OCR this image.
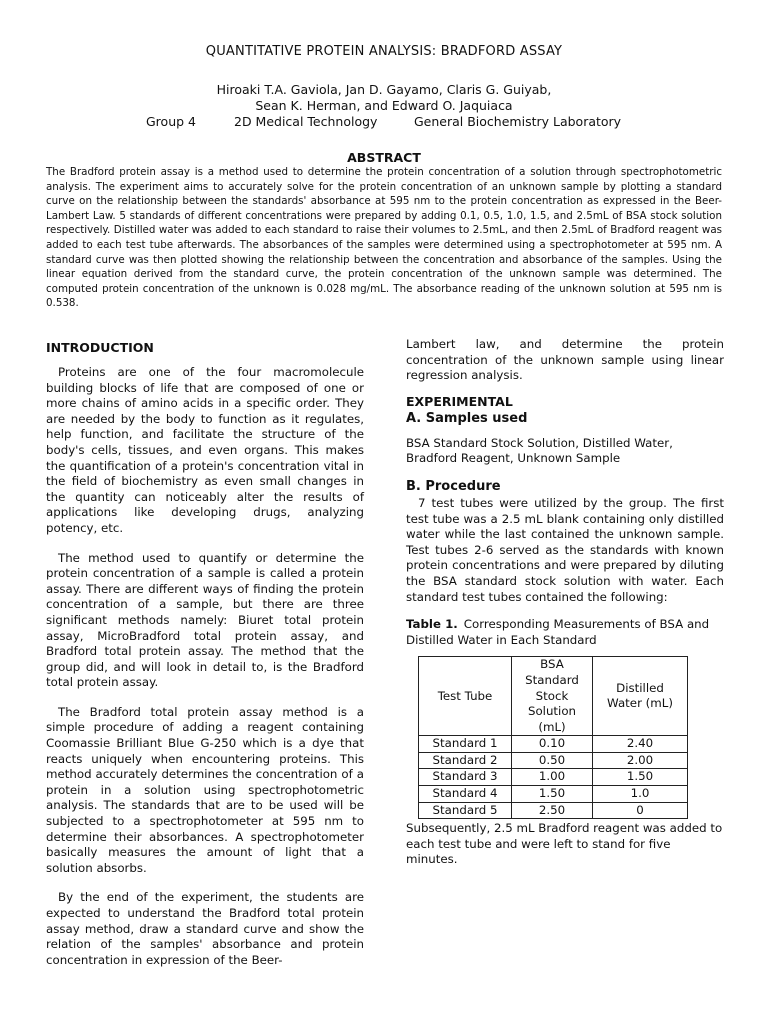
QUANTITATIVE PROTEIN ANALYSIS: BRADFORD ASSAY
Hiroaki T.A. Gaviola, Jan D. Gayamo, Claris G. Guiyab,
Sean K. Herman, and Edward O. Jaquiaca
Group 4	2D Medical Technology	General Biochemistry Laboratory
ABSTRACT

The Bradford protein assay is a method used to determine the protein concentration of a solution through spectrophotometric analysis. The experiment aims to accurately solve for the protein concentration of an unknown sample by plotting a standard curve on the relationship between the standards' absorbance at 595 nm to the protein concentration as expressed in the Beer-Lambert Law. 5 standards of different concentrations were prepared by adding 0.1, 0.5, 1.0, 1.5, and 2.5mL of BSA stock solution respectively. Distilled water was added to each standard to raise their volumes to 2.5mL, and then 2.5mL of Bradford reagent was added to each test tube afterwards. The absorbances of the samples were determined using a spectrophotometer at 595 nm. A standard curve was then plotted showing the relationship between the concentration and absorbance of the samples. Using the linear equation derived from the standard curve, the protein concentration of the unknown sample was determined. The computed protein concentration of the unknown is 0.028 mg/mL. The absorbance reading of the unknown solution at 595 nm is 0.538.

INTRODUCTION

Proteins are one of the four macromolecule building blocks of life that are composed of one or more chains of amino acids in a specific order. They are needed by the body to function as it regulates, help function, and facilitate the structure of the body's cells, tissues, and even organs. This makes the quantification of a protein's concentration vital in the field of biochemistry as even small changes in the quantity can noticeably alter the results of applications like developing drugs, analyzing potency, etc.

The method used to quantify or determine the protein concentration of a sample is called a protein assay. There are different ways of finding the protein concentration of a sample, but there are three significant methods namely: Biuret total protein assay, MicroBradford total protein assay, and Bradford total protein assay. The method that the group did, and will look in detail to, is the Bradford total protein assay.

The Bradford total protein assay method is a simple procedure of adding a reagent containing Coomassie Brilliant Blue G-250 which is a dye that reacts uniquely when encountering proteins. This method accurately determines the concentration of a protein in a solution using spectrophotometric analysis. The standards that are to be used will be subjected to a spectrophotometer at 595 nm to determine their absorbances. A spectrophotometer basically measures the amount of light that a solution absorbs.

By the end of the experiment, the students are expected to understand the Bradford total protein assay method, draw a standard curve and show the relation of the samples' absorbance and protein concentration in expression of the Beer-

Lambert law, and determine the protein concentration of the unknown sample using linear regression analysis.

EXPERIMENTAL
A. Samples used

BSA Standard Stock Solution, Distilled Water, Bradford Reagent, Unknown Sample

B. Procedure

7 test tubes were utilized by the group. The first test tube was a 2.5 mL blank containing only distilled water while the last contained the unknown sample. Test tubes 2-6 served as the standards with known protein concentrations and were prepared by diluting the BSA standard stock solution with water. Each standard test tubes contained the following:

Table 1. Corresponding Measurements of BSA and Distilled Water in Each Standard
Test Tube	BSA Standard Stock Solution (mL)	Distilled Water (mL)
Standard 1	0.10	2.40
Standard 2	0.50	2.00
Standard 3	1.00	1.50
Standard 4	1.50	1.0
Standard 5	2.50	0

Subsequently, 2.5 mL Bradford reagent was added to each test tube and were left to stand for five minutes.
